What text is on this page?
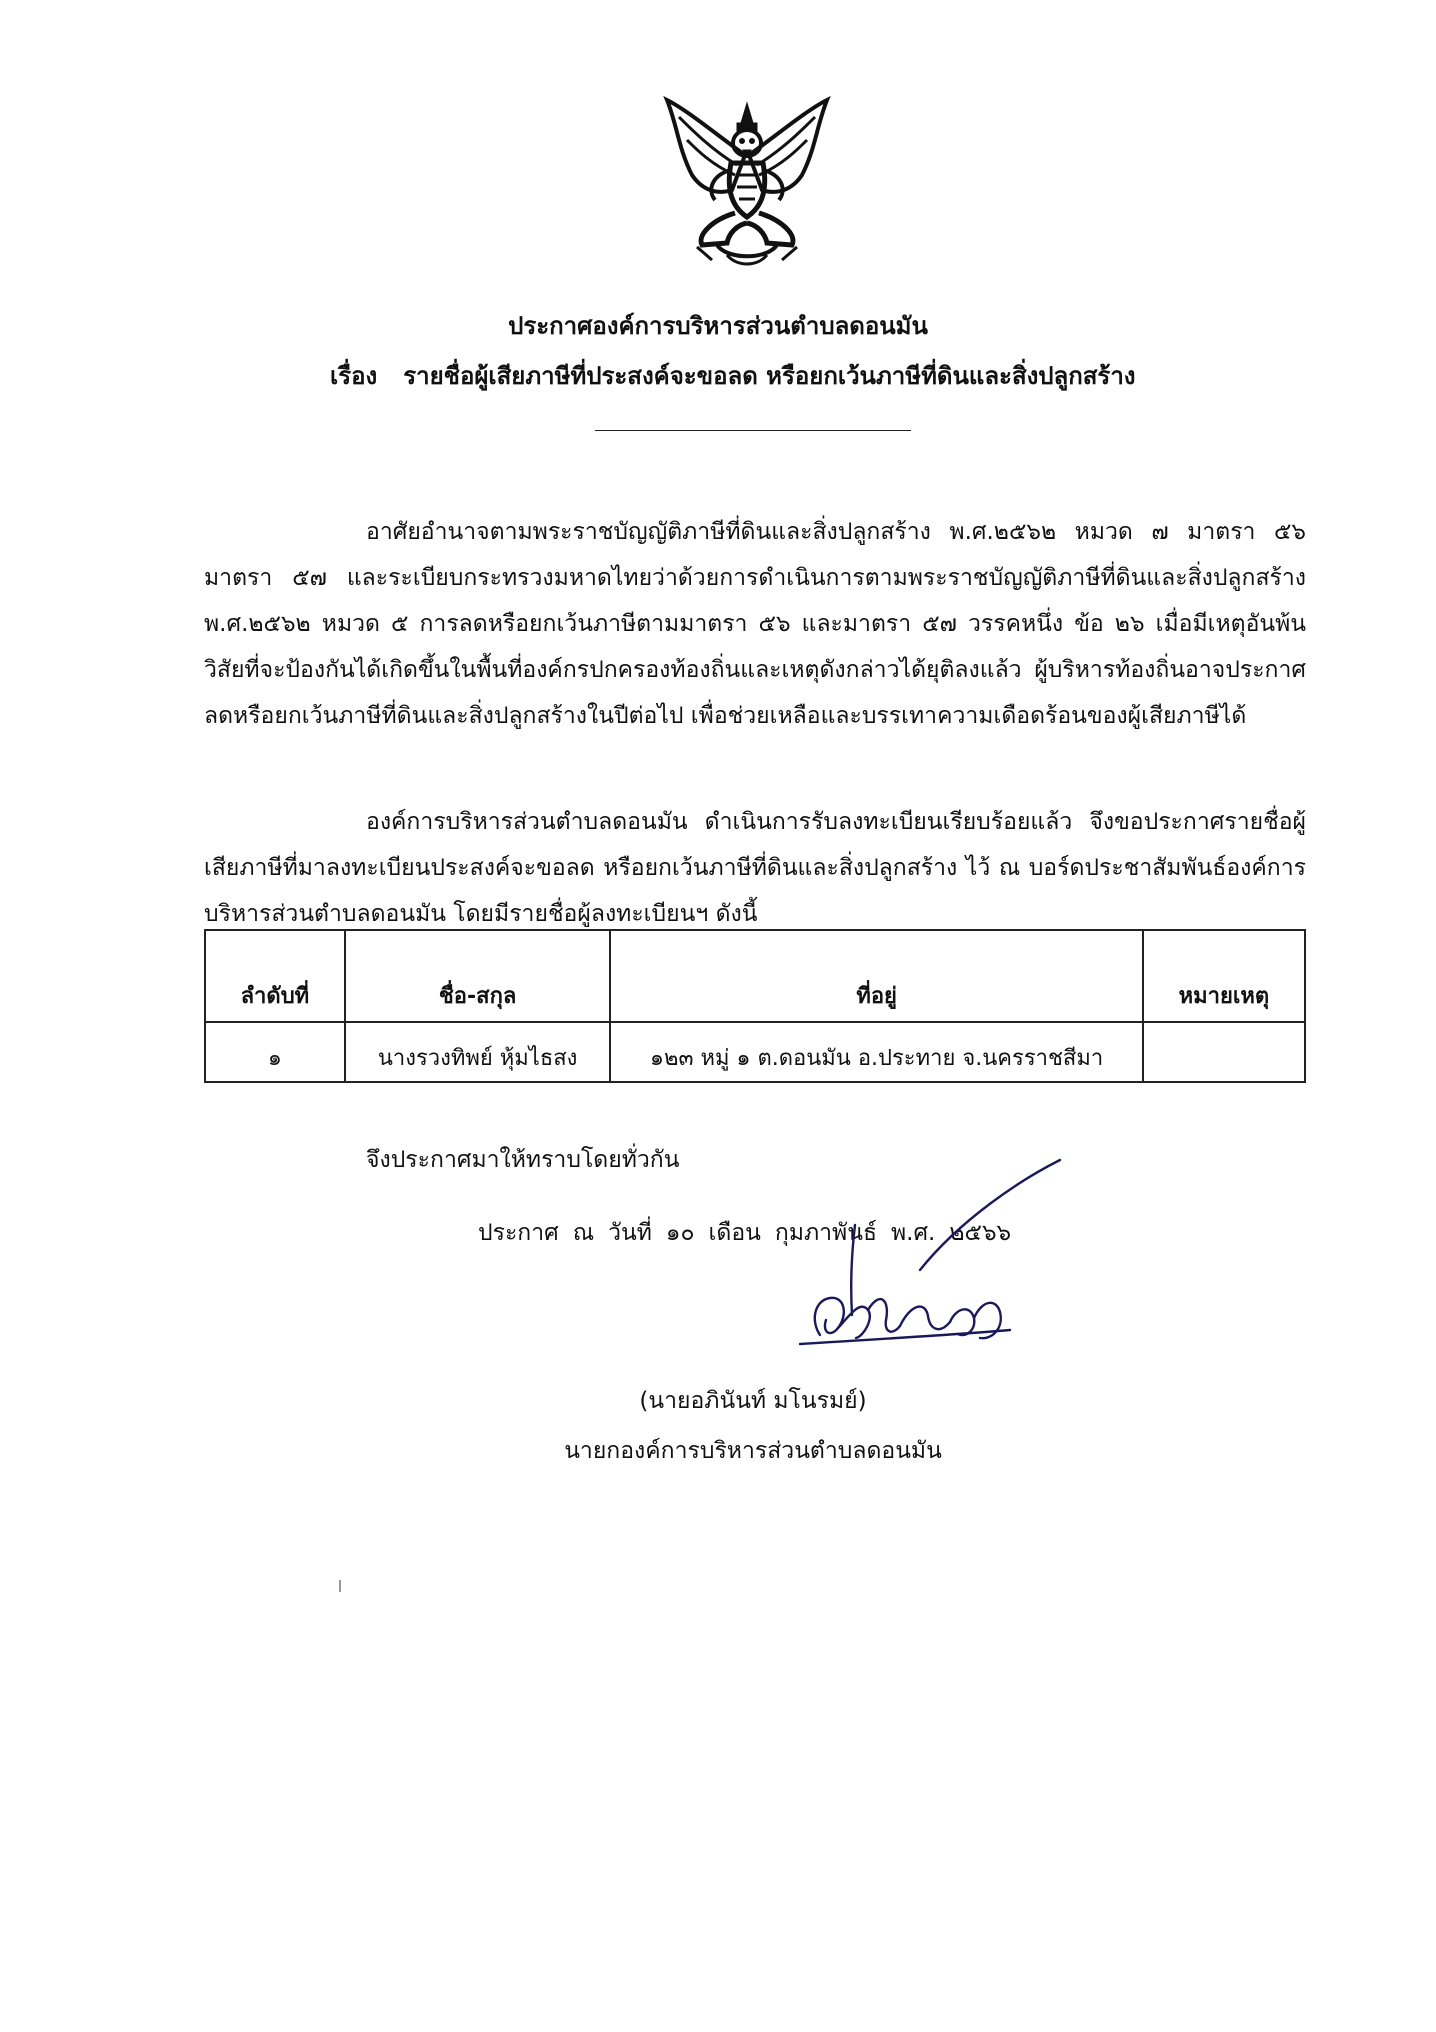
ประกาศองค์การบริหารส่วนตำบลดอนมัน
เรื่อง รายชื่อผู้เสียภาษีที่ประสงค์จะขอลด หรือยกเว้นภาษีที่ดินและสิ่งปลูกสร้าง

อาศัยอำนาจตามพระราชบัญญัติภาษีที่ดินและสิ่งปลูกสร้าง พ.ศ.๒๕๖๒ หมวด ๗ มาตรา ๕๖ มาตรา ๕๗ และระเบียบกระทรวงมหาดไทยว่าด้วยการดำเนินการตามพระราชบัญญัติภาษีที่ดินและสิ่งปลูกสร้าง พ.ศ.๒๕๖๒ หมวด ๕ การลดหรือยกเว้นภาษีตามมาตรา ๕๖ และมาตรา ๕๗ วรรคหนึ่ง ข้อ ๒๖ เมื่อมีเหตุอันพ้นวิสัยที่จะป้องกันได้เกิดขึ้นในพื้นที่องค์กรปกครองท้องถิ่นและเหตุดังกล่าวได้ยุติลงแล้ว ผู้บริหารท้องถิ่นอาจประกาศลดหรือยกเว้นภาษีที่ดินและสิ่งปลูกสร้างในปีต่อไป เพื่อช่วยเหลือและบรรเทาความเดือดร้อนของผู้เสียภาษีได้

องค์การบริหารส่วนตำบลดอนมัน ดำเนินการรับลงทะเบียนเรียบร้อยแล้ว จึงขอประกาศรายชื่อผู้เสียภาษีที่มาลงทะเบียนประสงค์จะขอลด หรือยกเว้นภาษีที่ดินและสิ่งปลูกสร้าง ไว้ ณ บอร์ดประชาสัมพันธ์องค์การบริหารส่วนตำบลดอนมัน โดยมีรายชื่อผู้ลงทะเบียนฯ ดังนี้

ลำดับที่	ชื่อ-สกุล	ที่อยู่	หมายเหตุ
๑	นางรวงทิพย์ หุ้มไธสง	๑๒๓ หมู่ ๑ ต.ดอนมัน อ.ประทาย จ.นครราชสีมา	
จึงประกาศมาให้ทราบโดยทั่วกัน
ประกาศ ณ วันที่ ๑๐ เดือน กุมภาพันธ์ พ.ศ. ๒๕๖๖
(นายอภินันท์ มโนรมย์)
นายกองค์การบริหารส่วนตำบลดอนมัน
